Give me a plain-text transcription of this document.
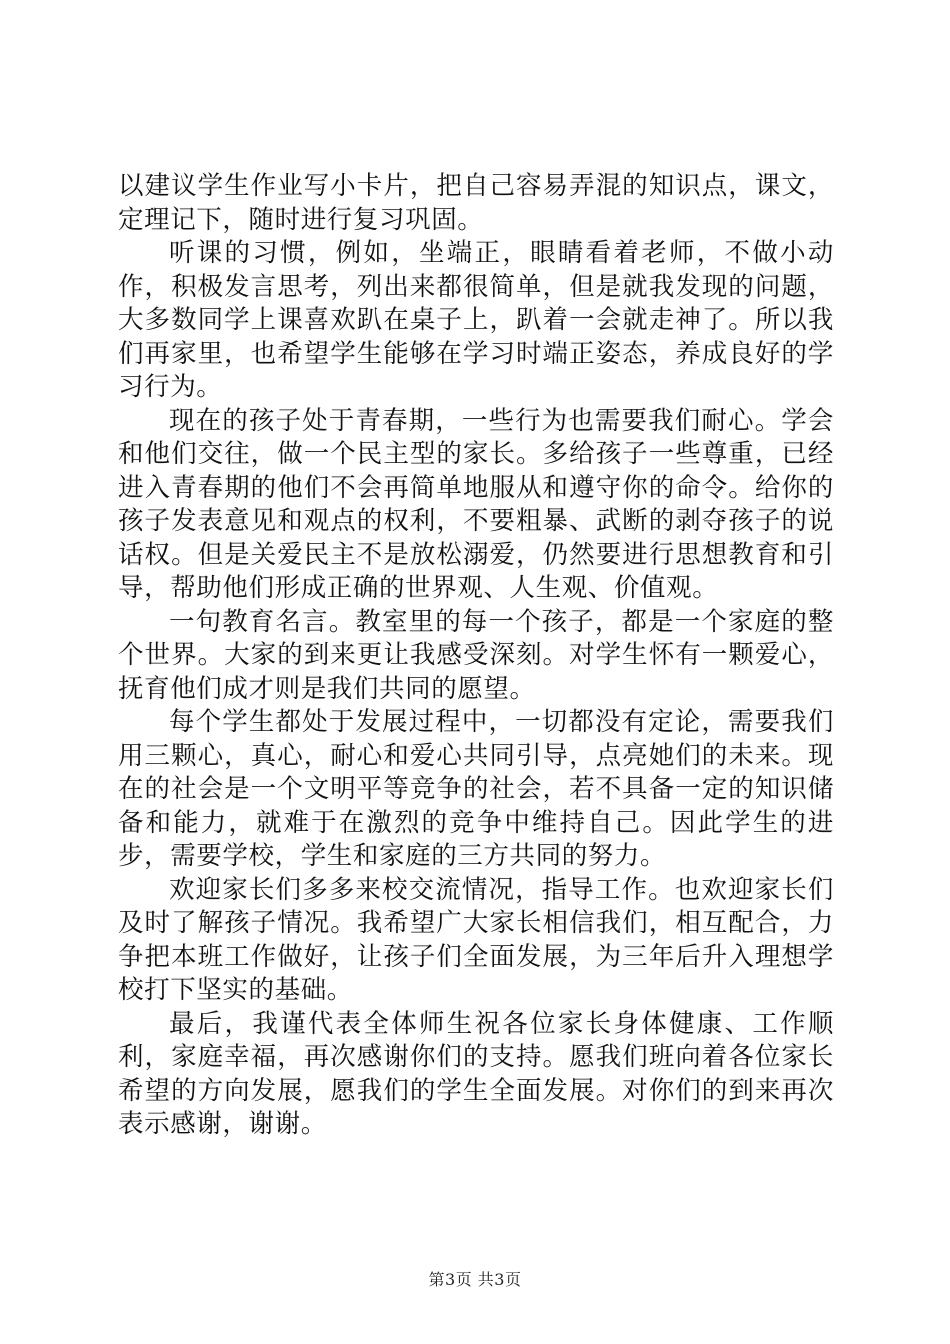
以建议学生作业写小卡片，把自己容易弄混的知识点，课文，定理记下，随时进行复习巩固。

听课的习惯，例如，坐端正，眼睛看着老师，不做小动作，积极发言思考，列出来都很简单，但是就我发现的问题，大多数同学上课喜欢趴在桌子上，趴着一会就走神了。所以我们再家里，也希望学生能够在学习时端正姿态，养成良好的学习行为。

现在的孩子处于青春期，一些行为也需要我们耐心。学会和他们交往，做一个民主型的家长。多给孩子一些尊重，已经进入青春期的他们不会再简单地服从和遵守你的命令。给你的孩子发表意见和观点的权利，不要粗暴、武断的剥夺孩子的说话权。但是关爱民主不是放松溺爱，仍然要进行思想教育和引导，帮助他们形成正确的世界观、人生观、价值观。

一句教育名言。教室里的每一个孩子，都是一个家庭的整个世界。大家的到来更让我感受深刻。对学生怀有一颗爱心，抚育他们成才则是我们共同的愿望。

每个学生都处于发展过程中，一切都没有定论，需要我们用三颗心，真心，耐心和爱心共同引导，点亮她们的未来。现在的社会是一个文明平等竞争的社会，若不具备一定的知识储备和能力，就难于在激烈的竞争中维持自己。因此学生的进步，需要学校，学生和家庭的三方共同的努力。

欢迎家长们多多来校交流情况，指导工作。也欢迎家长们及时了解孩子情况。我希望广大家长相信我们，相互配合，力争把本班工作做好，让孩子们全面发展，为三年后升入理想学校打下坚实的基础。

最后，我谨代表全体师生祝各位家长身体健康、工作顺利，家庭幸福，再次感谢你们的支持。愿我们班向着各位家长希望的方向发展，愿我们的学生全面发展。对你们的到来再次表示感谢，谢谢。

第3页 共3页
